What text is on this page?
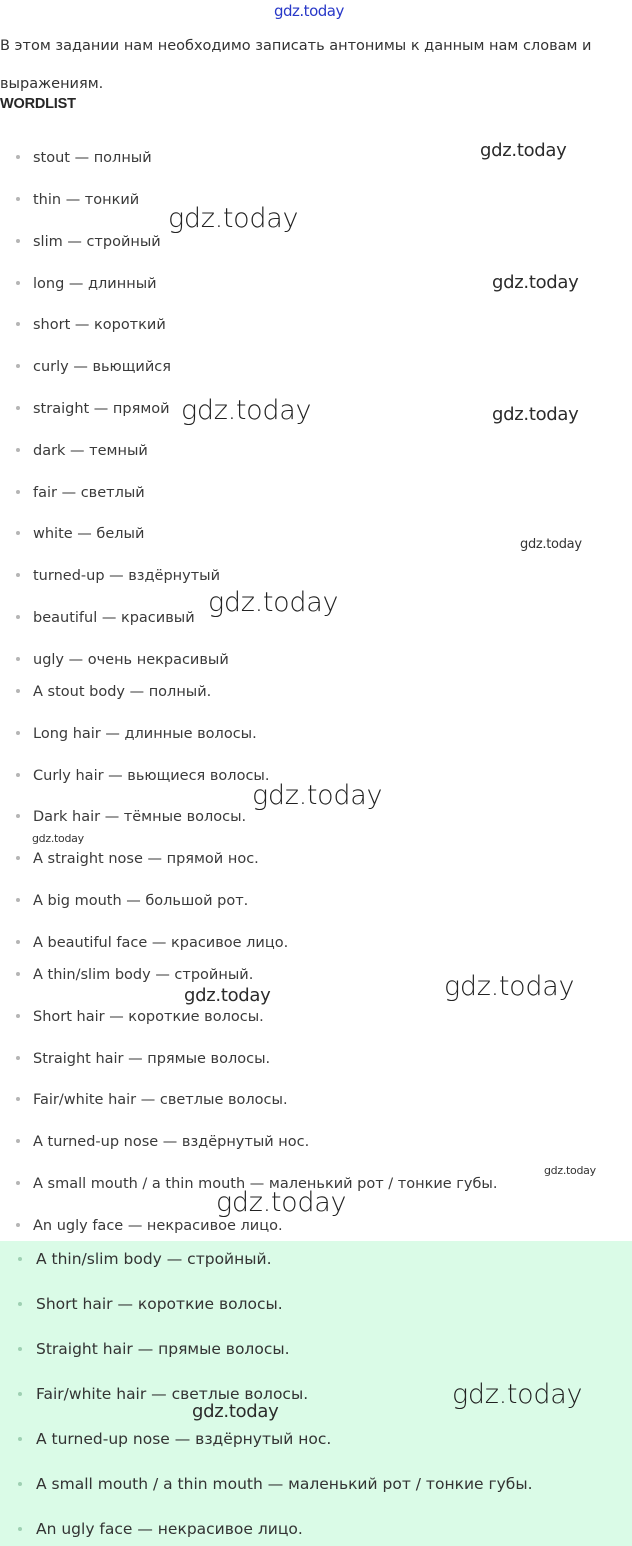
gdz.today
В этом задании нам необходимо записать антонимы к данным нам словам и выражениям.
WORDLIST
stout — полный
thin — тонкий
slim — стройный
long — длинный
short — короткий
curly — вьющийся
straight — прямой
dark — темный
fair — светлый
white — белый
turned-up — вздёрнутый
beautiful — красивый
ugly — очень некрасивый
A stout body — полный.
Long hair — длинные волосы.
Curly hair — вьющиеся волосы.
Dark hair — тёмные волосы.
A straight nose — прямой нос.
A big mouth — большой рот.
A beautiful face — красивое лицо.
A thin/slim body — стройный.
Short hair — короткие волосы.
Straight hair — прямые волосы.
Fair/white hair — светлые волосы.
A turned-up nose — вздёрнутый нос.
A small mouth / a thin mouth — маленький рот / тонкие губы.
An ugly face — некрасивое лицо.
A thin/slim body — стройный.
Short hair — короткие волосы.
Straight hair — прямые волосы.
Fair/white hair — светлые волосы.
A turned-up nose — вздёрнутый нос.
A small mouth / a thin mouth — маленький рот / тонкие губы.
An ugly face — некрасивое лицо.
gdz.today
gdz.today
gdz.today
gdz.today	gdz.today
gdz.today
gdz.today
gdz.today
gdz.today
gdz.today
gdz.today
gdz.today
gdz.today
gdz.today
gdz.today
